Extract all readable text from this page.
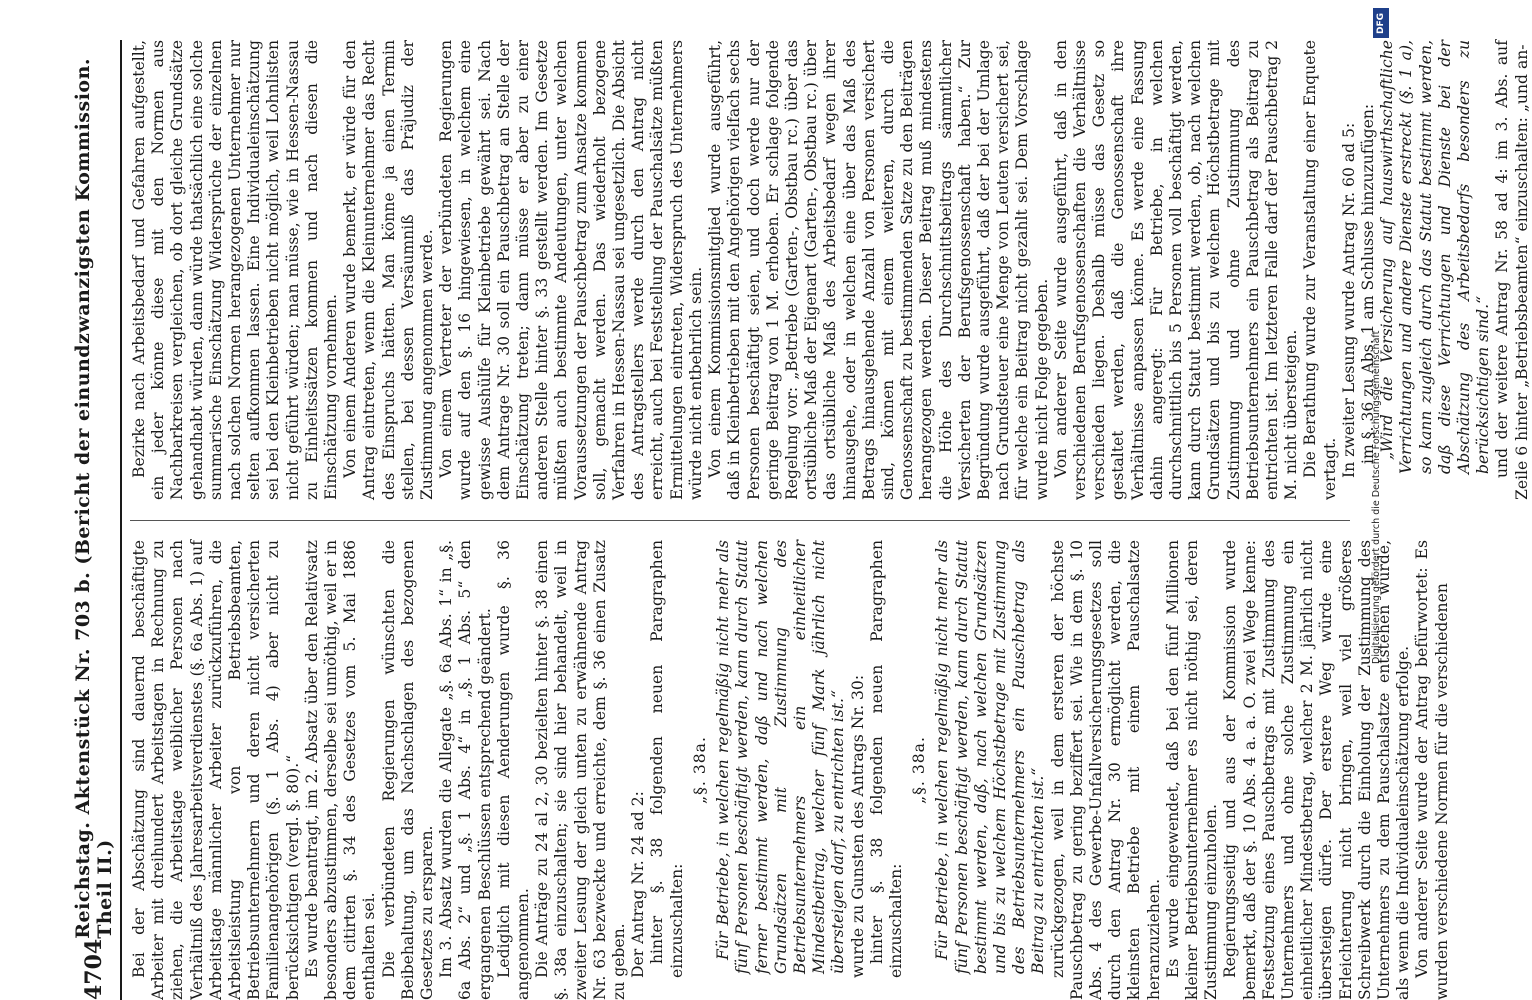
4704
Reichstag. Aktenstück Nr. 703 b. (Bericht der einundzwanzigsten Kommission. Theil II.) Bei der Abschätzung sind dauernd beschäftigte Arbeiter mit dreihundert Arbeitstagen in Rechnung zu ziehen, die Arbeitstage weiblicher Personen nach Verhältniß des Jahresarbeitsverdienstes (§. 6a Abs. 1) auf Arbeitstage männlicher Arbeiter zurückzuführen, die Arbeitsleistung von Betriebsbeamten, Betriebsunternehmern und deren nicht versicherten Familienangehörigen (§. 1 Abs. 4) aber nicht zu berücksichtigen (vergl. §. 80).“ Es wurde beantragt, im 2. Absatz über den Relativsatz besonders abzustimmen, derselbe sei unnöthig, weil er in dem citirten §. 34 des Gesetzes vom 5. Mai 1886 enthalten sei. Die verbündeten Regierungen wünschten die Beibehaltung, um das Nachschlagen des bezogenen Gesetzes zu ersparen. Im 3. Absatz wurden die Allegate „§. 6a Abs. 1“ in „§. 6a Abs. 2“ und „§. 1 Abs. 4“ in „§. 1 Abs. 5“ den ergangenen Beschlüssen entsprechend geändert. Lediglich mit diesen Aenderungen wurde §. 36 angenommen. Die Anträge zu 24 al 2, 30 bezielten hinter §. 38 einen §. 38a einzuschalten; sie sind hier behandelt, weil in zweiter Lesung der gleich unten zu erwähnende Antrag Nr. 63 bezweckte und erreichte, dem §. 36 einen Zusatz zu geben. Der Antrag Nr. 24 ad 2: hinter §. 38 folgenden neuen Paragraphen einzuschalten:

„§. 38a. Für Betriebe, in welchen regelmäßig nicht mehr als fünf Personen beschäftigt werden, kann durch Statut ferner bestimmt werden, daß und nach welchen Grundsätzen mit Zustimmung des Betriebsunternehmers ein einheitlicher Mindestbeitrag, welcher fünf Mark jährlich nicht übersteigen darf, zu entrichten ist.“ wurde zu Gunsten des Antrags Nr. 30: hinter §. 38 folgenden neuen Paragraphen einzuschalten:

„§. 38a. Für Betriebe, in welchen regelmäßig nicht mehr als fünf Personen beschäftigt werden, kann durch Statut bestimmt werden, daß, nach welchen Grundsätzen und bis zu welchem Höchstbetrage mit Zustimmung des Betriebsunternehmers ein Pauschbetrag als Beitrag zu entrichten ist.“ zurückgezogen, weil in dem ersteren der höchste Pauschbetrag zu gering beziffert sei. Wie in dem §. 10 Abs. 4 des Gewerbe-Unfallversicherungsgesetzes soll durch den Antrag Nr. 30 ermöglicht werden, die kleinsten Betriebe mit einem Pauschalsatze heranzuziehen. Es wurde eingewendet, daß bei den fünf Millionen kleiner Betriebsunternehmer es nicht nöthig sei, deren Zustimmung einzuholen. Regierungsseitig und aus der Kommission wurde bemerkt, daß der §. 10 Abs. 4 a. a. O. zwei Wege kenne: Festsetzung eines Pauschbetrags mit Zustimmung des Unternehmers und ohne solche Zustimmung ein einheitlicher Mindestbetrag, welcher 2 M. jährlich nicht übersteigen dürfe. Der erstere Weg würde eine Erleichterung nicht bringen, weil viel größeres Schreibwerk durch die Einholung der Zustimmung des Unternehmers zu dem Pauschalsatze entstehen würde, als wenn die Individualeinschätzung erfolge. Von anderer Seite wurde der Antrag befürwortet: Es wurden verschiedene Normen für die verschiedenen

Bezirke nach Arbeitsbedarf und Gefahren aufgestellt, ein jeder könne diese mit den Normen aus Nachbarkreisen vergleichen, ob dort gleiche Grundsätze gehandhabt würden, dann würde thatsächlich eine solche summarische Einschätzung Widersprüche der einzelnen nach solchen Normen herangezogenen Unternehmer nur selten aufkommen lassen. Eine Individualeinschätzung sei bei den Kleinbetrieben nicht möglich, weil Lohnlisten nicht geführt würden; man müsse, wie in Hessen-Nassau zu Einheitssätzen kommen und nach diesen die Einschätzung vornehmen. Von einem Anderen wurde bemerkt, er würde für den Antrag eintreten, wenn die Kleinunternehmer das Recht des Einspruchs hätten. Man könne ja einen Termin stellen, bei dessen Versäumniß das Präjudiz der Zustimmung angenommen werde. Von einem Vertreter der verbündeten Regierungen wurde auf den §. 16 hingewiesen, in welchem eine gewisse Aushülfe für Kleinbetriebe gewährt sei. Nach dem Antrage Nr. 30 soll ein Pauschbetrag an Stelle der Einschätzung treten; dann müsse er aber zu einer anderen Stelle hinter §. 33 gestellt werden. Im Gesetze müßten auch bestimmte Andeutungen, unter welchen Voraussetzungen der Pauschbetrag zum Ansatze kommen soll, gemacht werden. Das wiederholt bezogene Verfahren in Hessen-Nassau sei ungesetzlich. Die Absicht des Antragstellers werde durch den Antrag nicht erreicht, auch bei Feststellung der Pauschalsätze müßten Ermittelungen eintreten, Widerspruch des Unternehmers würde nicht entbehrlich sein. Von einem Kommissionsmitglied wurde ausgeführt, daß in Kleinbetrieben mit den Angehörigen vielfach sechs Personen beschäftigt seien, und doch werde nur der geringe Beitrag von 1 M. erhoben. Er schlage folgende Regelung vor: „Betriebe (Garten-, Obstbau rc.) über das ortsübliche Maß der Eigenart (Garten-, Obstbau rc.) über das ortsübliche Maß des Arbeitsbedarf wegen ihrer hinausgehe, oder in welchen eine über das Maß des Betrags hinausgehende Anzahl von Personen versichert sind, können mit einem weiteren, durch die Genossenschaft zu bestimmenden Satze zu den Beiträgen herangezogen werden. Dieser Beitrag muß mindestens die Höhe des Durchschnittsbeitrags sämmtlicher Versicherten der Berufsgenossenschaft haben.“ Zur Begründung wurde ausgeführt, daß der bei der Umlage nach Grundsteuer eine Menge von Leuten versichert sei, für welche ein Beitrag nicht gezahlt sei. Dem Vorschlage wurde nicht Folge gegeben. Von anderer Seite wurde ausgeführt, daß in den verschiedenen Berufsgenossenschaften die Verhältnisse verschieden liegen. Deshalb müsse das Gesetz so gestaltet werden, daß die Genossenschaft ihre Verhältnisse anpassen könne. Es werde eine Fassung dahin angeregt: Für Betriebe, in welchen durchschnittlich bis 5 Personen voll beschäftigt werden, kann durch Statut bestimmt werden, ob, nach welchen Grundsätzen und bis zu welchem Höchstbetrage mit Zustimmung und ohne Zustimmung des Betriebsunternehmers ein Pauschbetrag als Beitrag zu entrichten ist. Im letzteren Falle darf der Pauschbetrag 2 M. nicht übersteigen. Die Berathung wurde zur Veranstaltung einer Enquete vertagt. In zweiter Lesung wurde Antrag Nr. 60 ad 5: im §. 36 zu Abs. 1 am Schlusse hinzuzufügen: „Wird die Versicherung auf hauswirthschaftliche Verrichtungen und andere Dienste erstreckt (§. 1 a), so kann zugleich durch das Statut bestimmt werden, daß diese Verrichtungen und Dienste bei der Abschätzung des Arbeitsbedarfs besonders zu berücksichtigen sind.“ und der weitere Antrag Nr. 58 ad 4: im 3. Abs. auf Zeile 6 hinter „Betriebsbeamten“ einzuschalten: „und an-

DFG
Digitalisierung gefördert durch die Deutsche Forschungsgemeinschaft
